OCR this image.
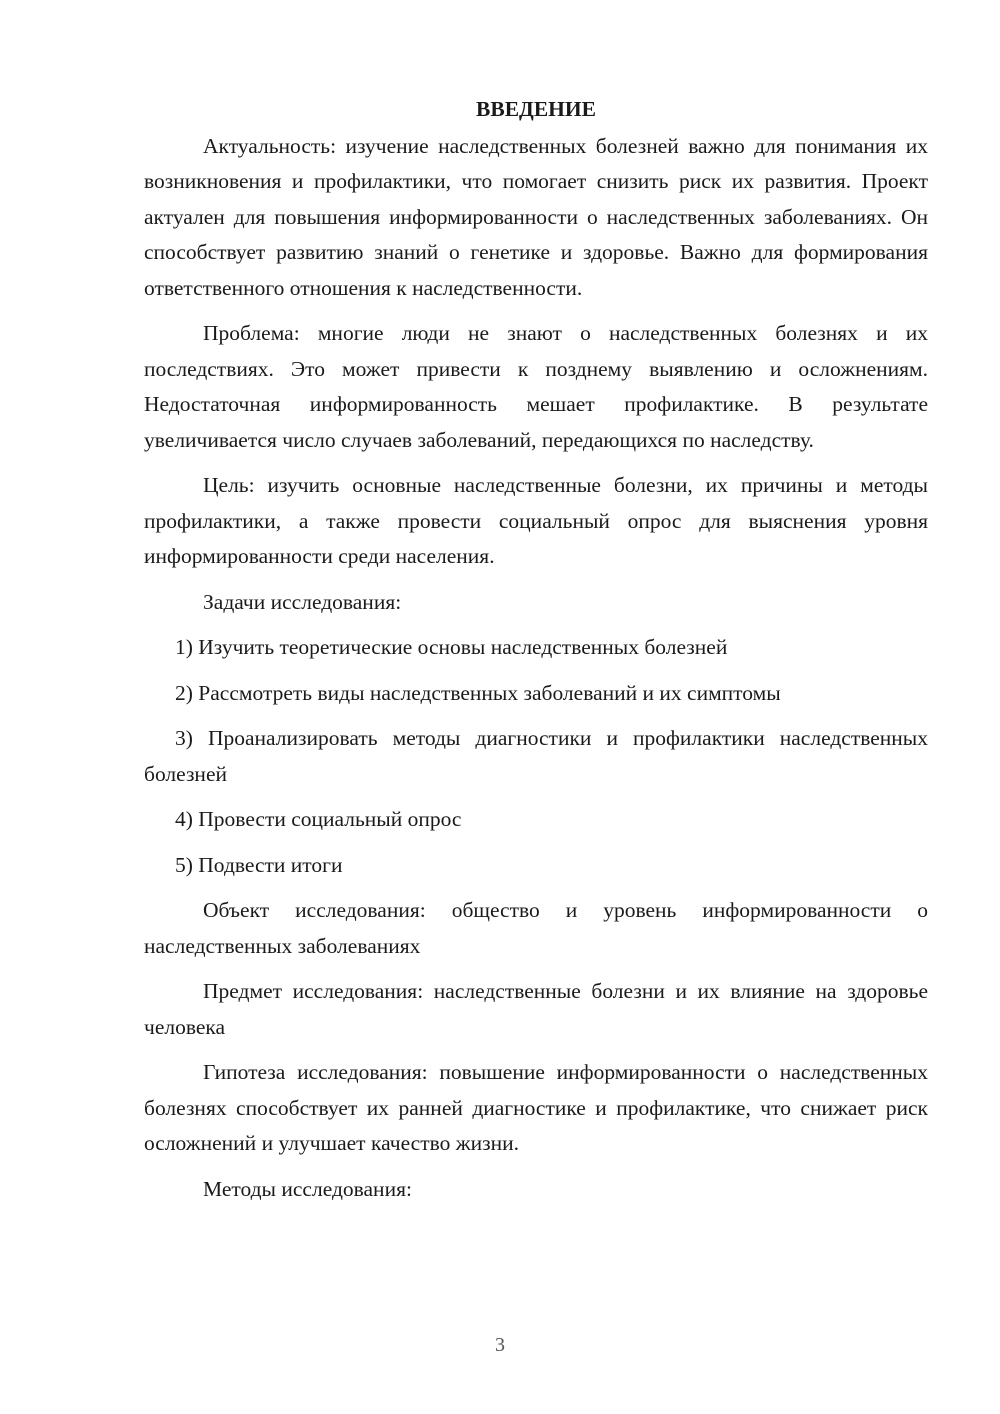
ВВЕДЕНИЕ

Актуальность: изучение наследственных болезней важно для понимания их возникновения и профилактики, что помогает снизить риск их развития. Проект актуален для повышения информированности о наследственных заболеваниях. Он способствует развитию знаний о генетике и здоровье. Важно для формирования ответственного отношения к наследственности.

Проблема: многие люди не знают о наследственных болезнях и их последствиях. Это может привести к позднему выявлению и осложнениям. Недостаточная информированность мешает профилактике. В результате увеличивается число случаев заболеваний, передающихся по наследству.

Цель: изучить основные наследственные болезни, их причины и методы профилактики, а также провести социальный опрос для выяснения уровня информированности среди населения.

Задачи исследования:

1) Изучить теоретические основы наследственных болезней

2) Рассмотреть виды наследственных заболеваний и их симптомы

3) Проанализировать методы диагностики и профилактики наследственных болезней

4) Провести социальный опрос

5) Подвести итоги

Объект исследования: общество и уровень информированности о наследственных заболеваниях

Предмет исследования: наследственные болезни и их влияние на здоровье человека

Гипотеза исследования: повышение информированности о наследственных болезнях способствует их ранней диагностике и профилактике, что снижает риск осложнений и улучшает качество жизни.

Методы исследования:

3
